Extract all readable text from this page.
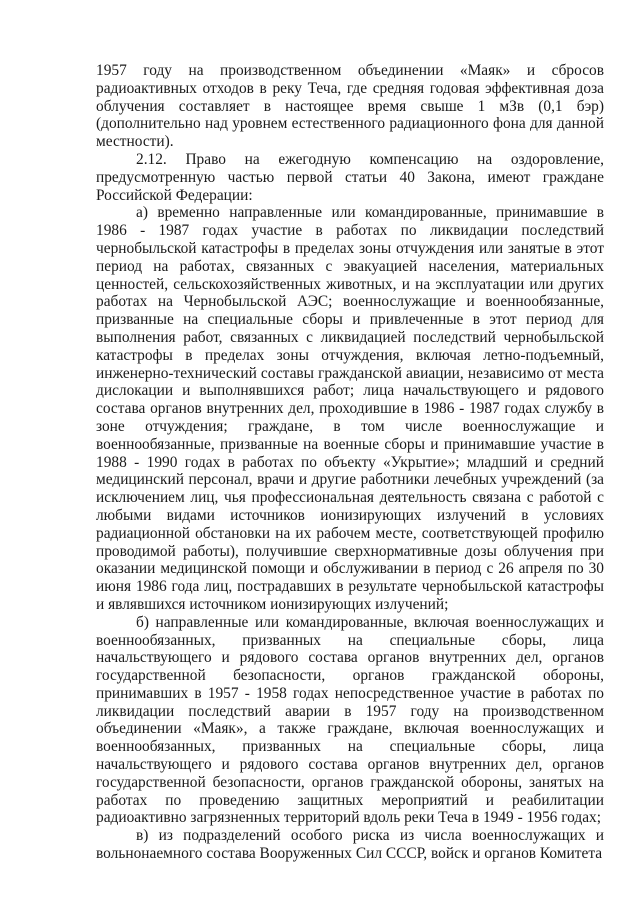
1957 году на производственном объединении «Маяк» и сбросов радиоактивных отходов в реку Теча, где средняя годовая эффективная доза облучения составляет в настоящее время свыше 1 мЗв (0,1 бэр) (дополнительно над уровнем естественного радиационного фона для данной местности).

2.12. Право на ежегодную компенсацию на оздоровление, предусмотренную частью первой статьи 40 Закона, имеют граждане Российской Федерации:

а) временно направленные или командированные, принимавшие в 1986 - 1987 годах участие в работах по ликвидации последствий чернобыльской катастрофы в пределах зоны отчуждения или занятые в этот период на работах, связанных с эвакуацией населения, материальных ценностей, сельскохозяйственных животных, и на эксплуатации или других работах на Чернобыльской АЭС; военнослужащие и военнообязанные, призванные на специальные сборы и привлеченные в этот период для выполнения работ, связанных с ликвидацией последствий чернобыльской катастрофы в пределах зоны отчуждения, включая летно-подъемный, инженерно-технический составы гражданской авиации, независимо от места дислокации и выполнявшихся работ; лица начальствующего и рядового состава органов внутренних дел, проходившие в 1986 - 1987 годах службу в зоне отчуждения; граждане, в том числе военнослужащие и военнообязанные, призванные на военные сборы и принимавшие участие в 1988 - 1990 годах в работах по объекту «Укрытие»; младший и средний медицинский персонал, врачи и другие работники лечебных учреждений (за исключением лиц, чья профессиональная деятельность связана с работой с любыми видами источников ионизирующих излучений в условиях радиационной обстановки на их рабочем месте, соответствующей профилю проводимой работы), получившие сверхнормативные дозы облучения при оказании медицинской помощи и обслуживании в период с 26 апреля по 30 июня 1986 года лиц, пострадавших в результате чернобыльской катастрофы и являвшихся источником ионизирующих излучений;

б) направленные или командированные, включая военнослужащих и военнообязанных, призванных на специальные сборы, лица начальствующего и рядового состава органов внутренних дел, органов государственной безопасности, органов гражданской обороны, принимавших в 1957 - 1958 годах непосредственное участие в работах по ликвидации последствий аварии в 1957 году на производственном объединении «Маяк», а также граждане, включая военнослужащих и военнообязанных, призванных на специальные сборы, лица начальствующего и рядового состава органов внутренних дел, органов государственной безопасности, органов гражданской обороны, занятых на работах по проведению защитных мероприятий и реабилитации радиоактивно загрязненных территорий вдоль реки Теча в 1949 - 1956 годах;

в) из подразделений особого риска из числа военнослужащих и вольнонаемного состава Вооруженных Сил СССР, войск и органов Комитета
